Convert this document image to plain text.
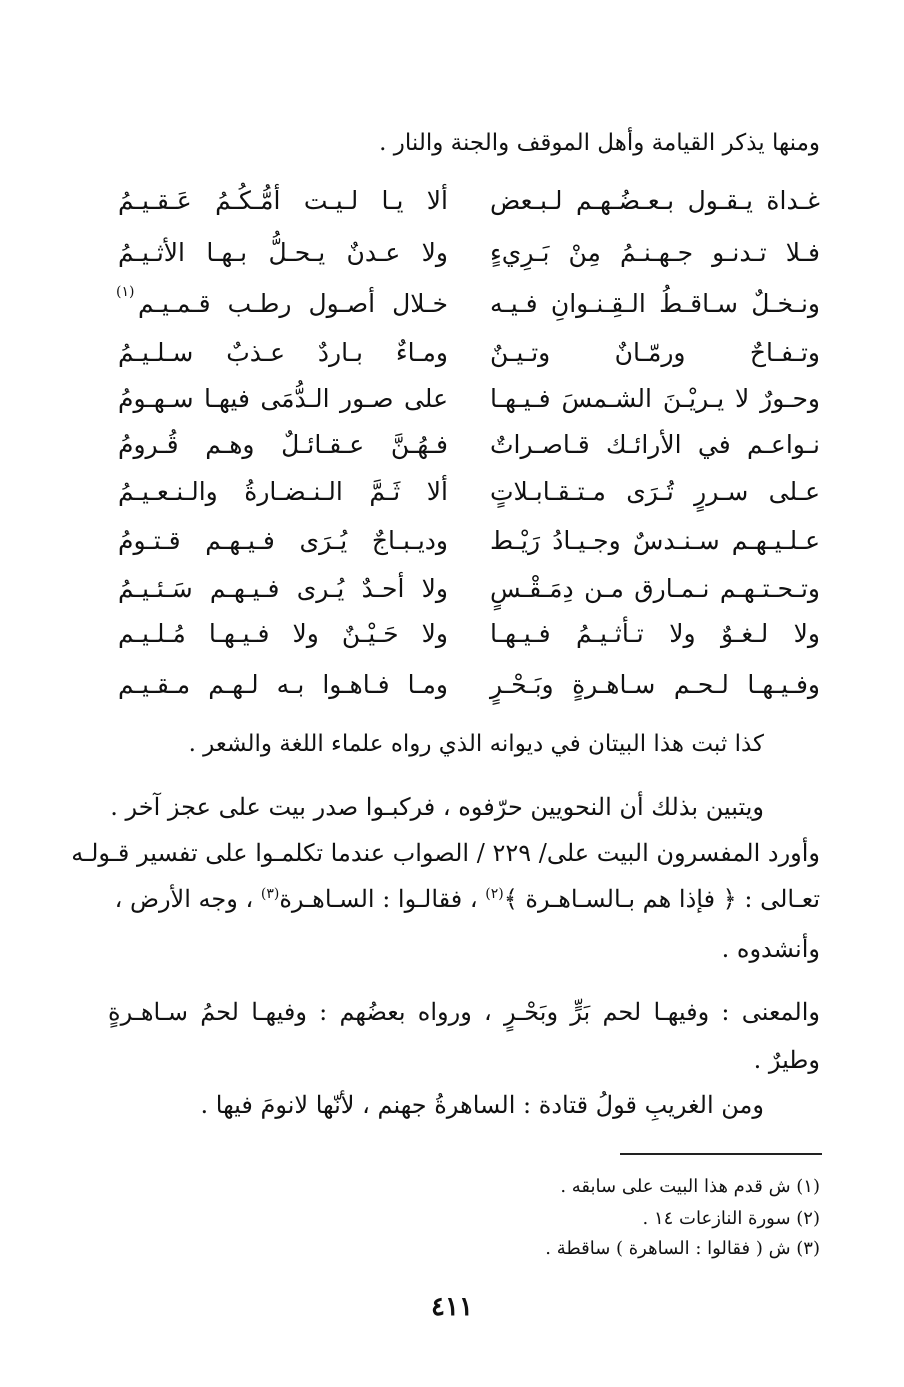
ومنها يذكر القيامة وأهل الموقف والجنة والنار .
غـداة يـقـول بـعـضُـهـم لـبـعض
ألا يـا لـيـت أمُّـكُـمُ عَـقـيـمُ
فـلا تـدنـو جـهـنـمُ مِنْ بَـرِيءٍ
ولا عـدنٌ يـحـلُّ بـهـا الأثـيـمُ
ونـخـلٌ سـاقـطُ الـقِـنـوانِ فـيـه
خـلال أصـول رطـب قـمـيـم
(١)
وتـفـاحٌ ورمّـانٌ وتـيـنٌ
ومـاءٌ بـاردٌ عـذبٌ سـلـيـمُ
وحـورٌ لا يـريْـنَ الشـمسَ فـيـهـا
على صـور الـدُّمَى فيهـا سـهـومُ
نـواعـم في الأرائـك قـاصـراتٌ
فـهُـنَّ عـقـائـلٌ وهـم قُـرومُ
عـلى سـررٍ تُـرَى مـتـقـابـلاتٍ
ألا ثَـمَّ الـنـضـارةُ والـنـعـيـمُ
عـلـيـهـم سـنـدسٌ وجـيـادُ رَيْـط
وديـبـاجٌ يُـرَى فـيـهـم قـتـومُ
وتـحـتـهـم نـمـارق مـن دِمَـقْـسٍ
ولا أحـدٌ يُـرى فـيـهـم سَـئـيـمُ
ولا لـغـوٌ ولا تـأثـيـمُ فـيـهـا
ولا حَـيْـنٌ ولا فـيـهـا مُـلـيـم
وفـيـهـا لـحـم سـاهـرةٍ وبَـحْـرٍ
ومـا فـاهـوا بـه لـهـم مـقـيـم
كذا ثبت هذا البيتان في ديوانه الذي رواه علماء اللغة والشعر .
ويتبين بذلك أن النحويين حرّفوه ، فركبـوا صدر بيت على عجز آخر .
وأورد المفسرون البيت على/ ٢٢٩ / الصواب عندما تكلمـوا على تفسير قـولـه
تعـالى : ﴿ فإذا هم بـالسـاهـرة ﴾$^{(٢)}$ ، فقالـوا : السـاهـرة$^{(٣)}$ ، وجه الأرض ،
وأنشدوه .
والمعنى : وفيهـا لحم بَرٍّ وبَحْـرٍ ، ورواه بعضُهم : وفيهـا لحمُ سـاهـرةٍ
وطيرٌ .
ومن الغريبِ قولُ قتادة : الساهرةُ جهنم ، لأنّها لانومَ فيها .
(١) ش قدم هذا البيت على سابقه .
(٢) سورة النازعات ١٤ .
(٣) ش ( فقالوا : الساهرة ) ساقطة .
٤١١
